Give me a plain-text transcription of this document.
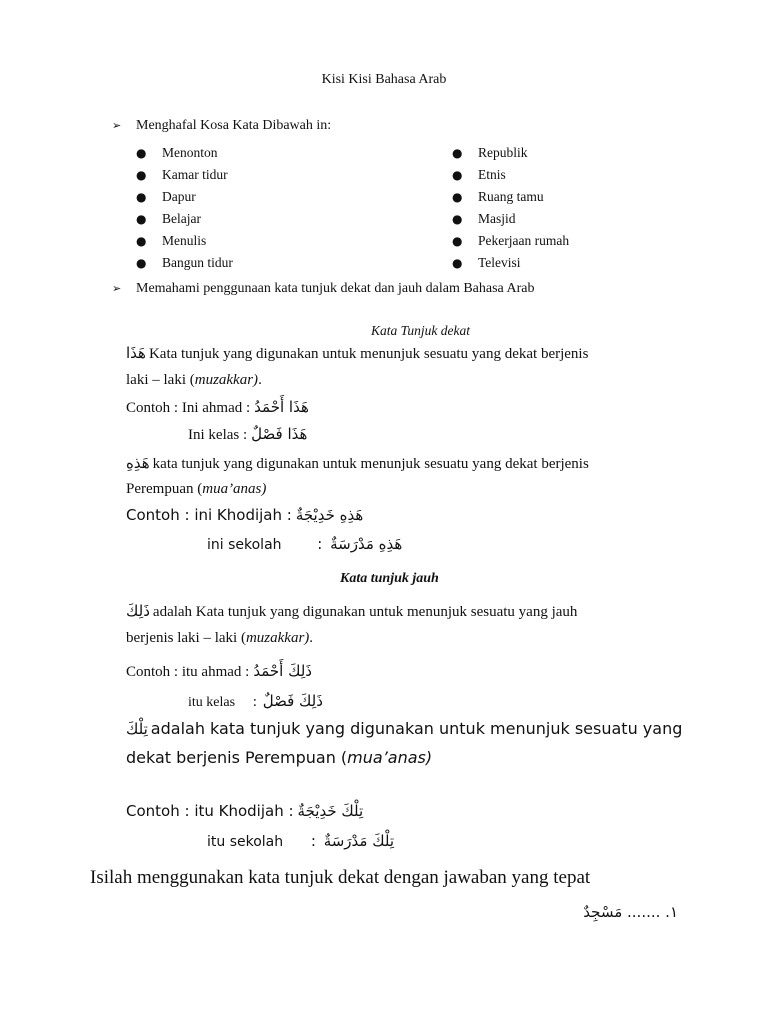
Kisi Kisi Bahasa Arab
➢ Menghafal Kosa Kata Dibawah in:
● Menonton
● Kamar tidur
● Dapur
● Belajar
● Menulis
● Bangun tidur
● Republik
● Etnis
● Ruang tamu
● Masjid
● Pekerjaan rumah
● Televisi
➢ Memahami penggunaan kata tunjuk dekat dan jauh dalam Bahasa Arab
Kata Tunjuk dekat
هَذَا Kata tunjuk yang digunakan untuk menunjuk sesuatu yang dekat berjenis
laki – laki (muzakkar).
Contoh : Ini ahmad : هَذَا أَحْمَدُ
Ini kelas : هَذَا فَصْلٌ
هَذِهِ kata tunjuk yang digunakan untuk menunjuk sesuatu yang dekat berjenis
Perempuan (mua’anas)
Contoh : ini Khodijah : هَذِهِ خَدِيْجَةٌ
ini sekolah : هَذِهِ مَدْرَسَةٌ
Kata tunjuk jauh
ذَلِكَ adalah Kata tunjuk yang digunakan untuk menunjuk sesuatu yang jauh
berjenis laki – laki (muzakkar).
Contoh : itu ahmad : ذَلِكَ أَحْمَدُ
itu kelas : ذَلِكَ فَصْلٌ
تِلْكَ adalah kata tunjuk yang digunakan untuk menunjuk sesuatu yang
dekat berjenis Perempuan (mua’anas)
Contoh : itu Khodijah : تِلْكَ خَدِيْجَةٌ
itu sekolah : تِلْكَ مَدْرَسَةٌ
Isilah menggunakan kata tunjuk dekat dengan jawaban yang tepat
١. ....... مَسْجِدٌ
